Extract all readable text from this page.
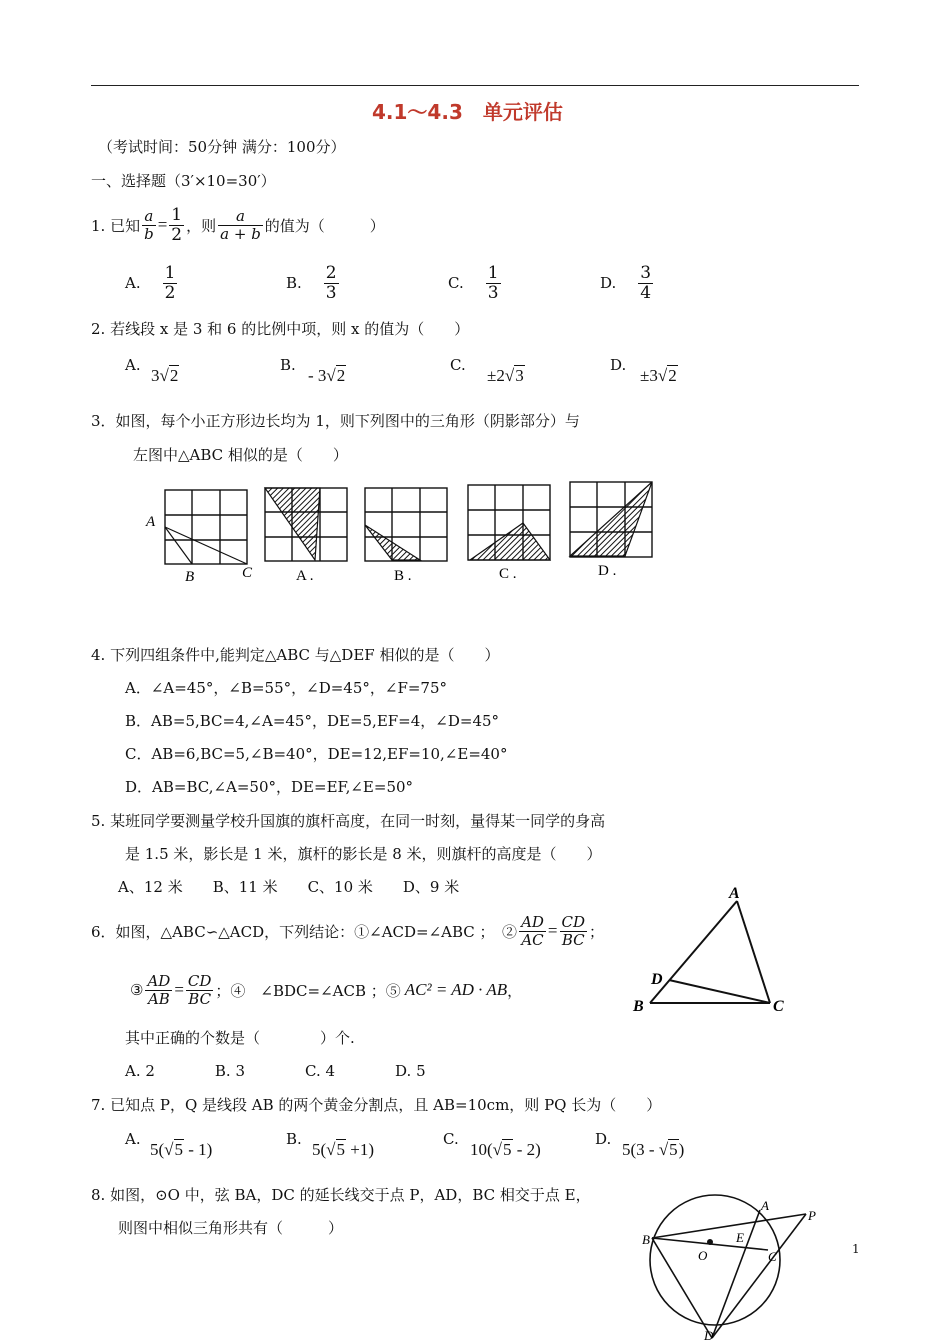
4.1～4.3　单元评估
（考试时间：50分钟 满分：100分）
一、选择题（3′×10=30′）
1. 已知 $\frac{a}{b} = \frac{1}{2}$ ，则 $\frac{a}{a + b}$ 的值为（　　　）
A. $\frac{1}{2}$	B. $\frac{2}{3}$	C. $\frac{1}{3}$	D. $\frac{3}{4}$
2. 若线段 x 是 3 和 6 的比例中项，则 x 的值为（　　）
A.
3√2
B.
- 3√2
C.
±2√3
D.
±3√2
3．如图，每个小正方形边长均为 1，则下列图中的三角形（阴影部分）与
左图中△ABC 相似的是（　　）
A
B	C	A .	B .	C .	D .
4. 下列四组条件中,能判定△ABC 与△DEF 相似的是（　　）
A．∠A=45°，∠B=55°，∠D=45°，∠F=75°
B．AB=5,BC=4,∠A=45°，DE=5,EF=4，∠D=45°
C．AB=6,BC=5,∠B=40°，DE=12,EF=10,∠E=40°
D．AB=BC,∠A=50°，DE=EF,∠E=50°
5. 某班同学要测量学校升国旗的旗杆高度，在同一时刻，量得某一同学的身高
是 1.5 米，影长是 1 米，旗杆的影长是 8 米，则旗杆的高度是（　　）
A、12 米　　B、11 米　　C、10 米　　D、9 米
6．如图，△ABC∽△ACD，下列结论：①∠ACD=∠ABC ；　② $\frac{AD}{AC} = \frac{CD}{BC}$ ；
③ $\frac{AD}{AB} = \frac{CD}{BC}$ ；④　∠BDC=∠ACB ；⑤ AC² = AD · AB ，
其中正确的个数是（　　　　）个.
A. 2　　　　B. 3　　　　C. 4　　　　D. 5
A
B	C
D
7. 已知点 P，Q 是线段 AB 的两个黄金分割点，且 AB=10cm，则 PQ 长为（　　）
A.
5(√5 - 1)
B.
5(√5 +1)
C.
10(√5 - 2)
D.
5(3 - √5)
8. 如图，⊙O 中，弦 BA，DC 的延长线交于点 P，AD，BC 相交于点 E，
则图中相似三角形共有（　　　）
A
B
C
D
E
O
P
1
